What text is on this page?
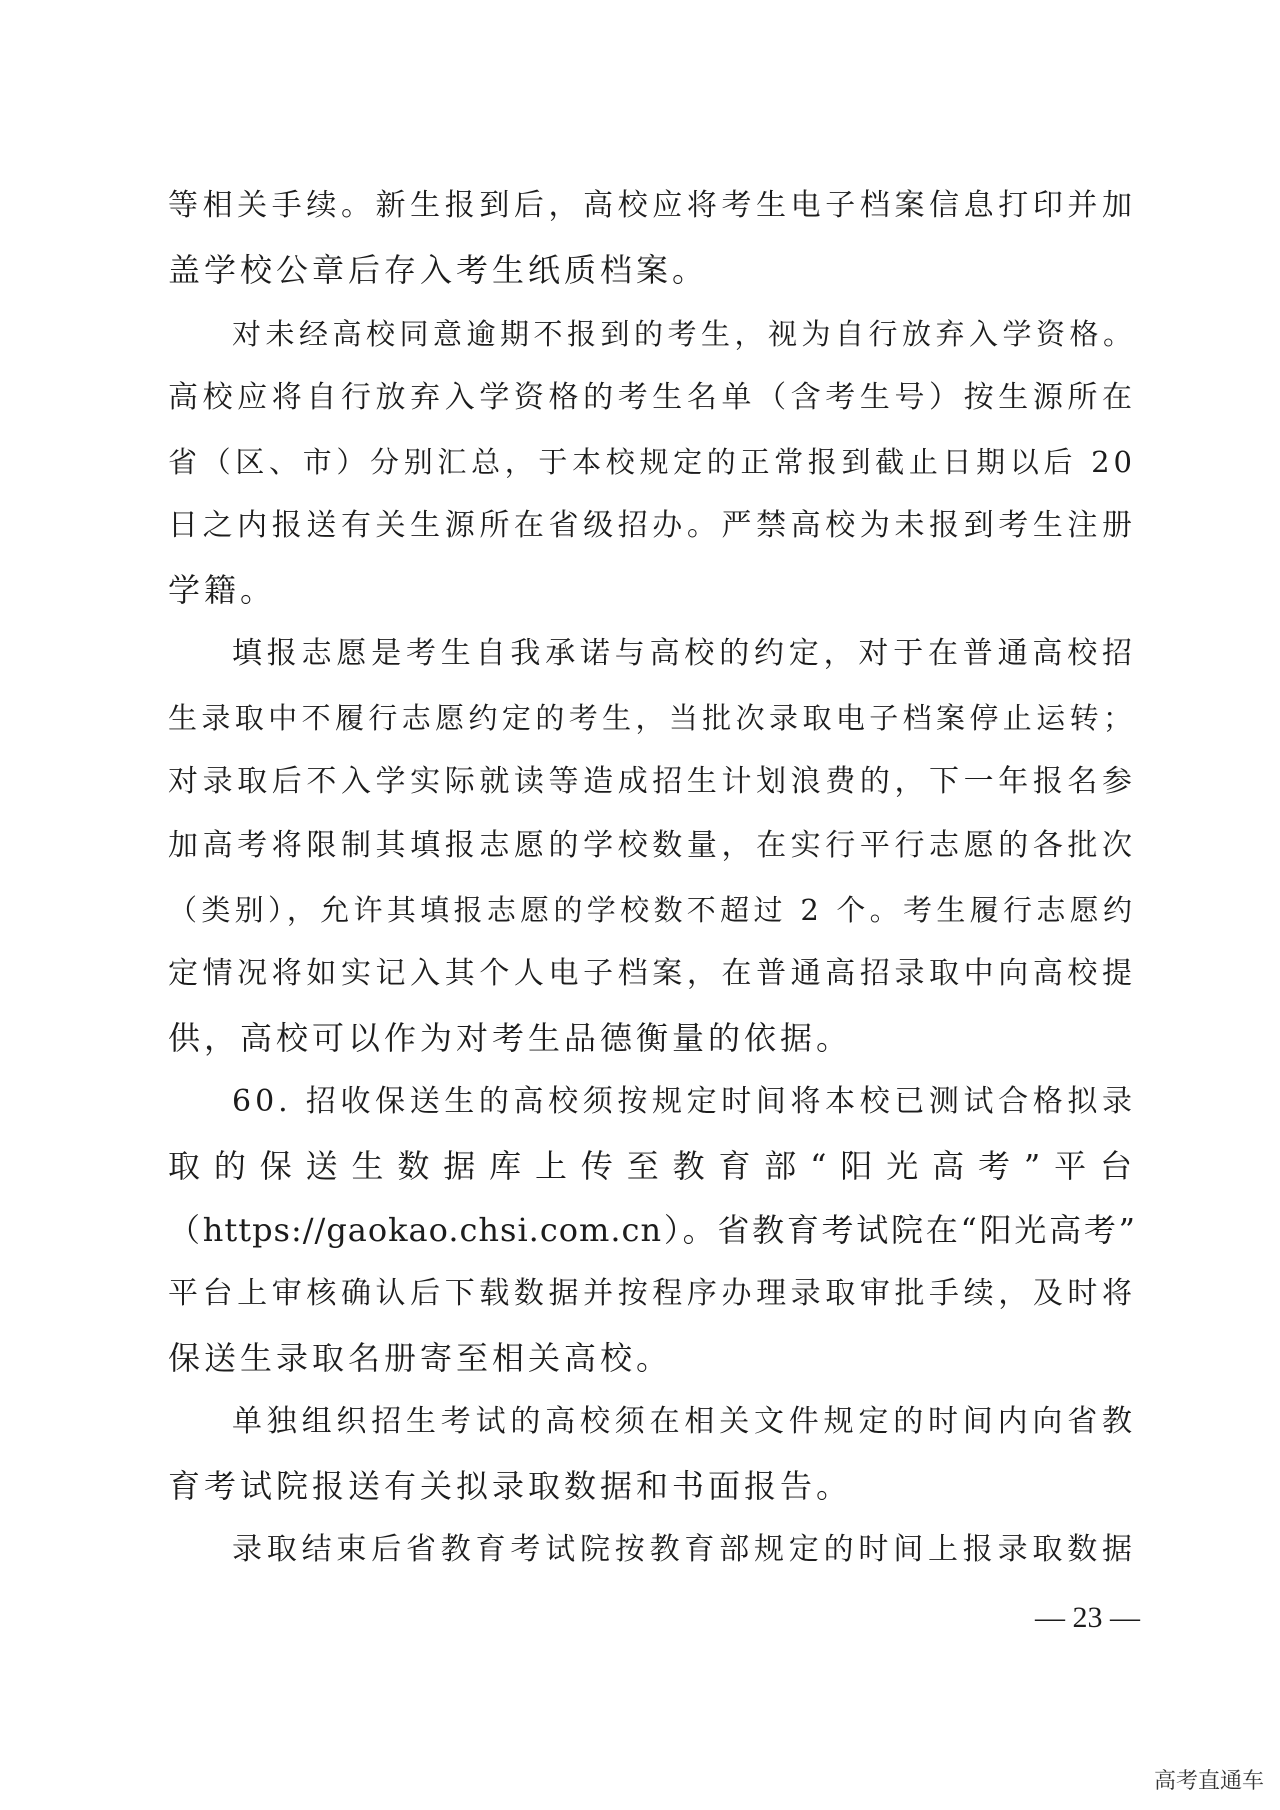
等相关手续。新生报到后，高校应将考生电子档案信息打印并加
盖学校公章后存入考生纸质档案。
对未经高校同意逾期不报到的考生，视为自行放弃入学资格。
高校应将自行放弃入学资格的考生名单（含考生号）按生源所在
省（区、市）分别汇总，于本校规定的正常报到截止日期以后 20
日之内报送有关生源所在省级招办。严禁高校为未报到考生注册
学籍。
填报志愿是考生自我承诺与高校的约定，对于在普通高校招
生录取中不履行志愿约定的考生，当批次录取电子档案停止运转；
对录取后不入学实际就读等造成招生计划浪费的，下一年报名参
加高考将限制其填报志愿的学校数量，在实行平行志愿的各批次
（类别），允许其填报志愿的学校数不超过 2 个。考生履行志愿约
定情况将如实记入其个人电子档案，在普通高招录取中向高校提
供，高校可以作为对考生品德衡量的依据。
60. 招收保送生的高校须按规定时间将本校已测试合格拟录
取的保送生数据库上传至教育部“阳光高考”平台
（https://gaokao.chsi.com.cn）。省教育考试院在“阳光高考”
平台上审核确认后下载数据并按程序办理录取审批手续，及时将
保送生录取名册寄至相关高校。
单独组织招生考试的高校须在相关文件规定的时间内向省教
育考试院报送有关拟录取数据和书面报告。
录取结束后省教育考试院按教育部规定的时间上报录取数据
— 23 —
高考直通车
